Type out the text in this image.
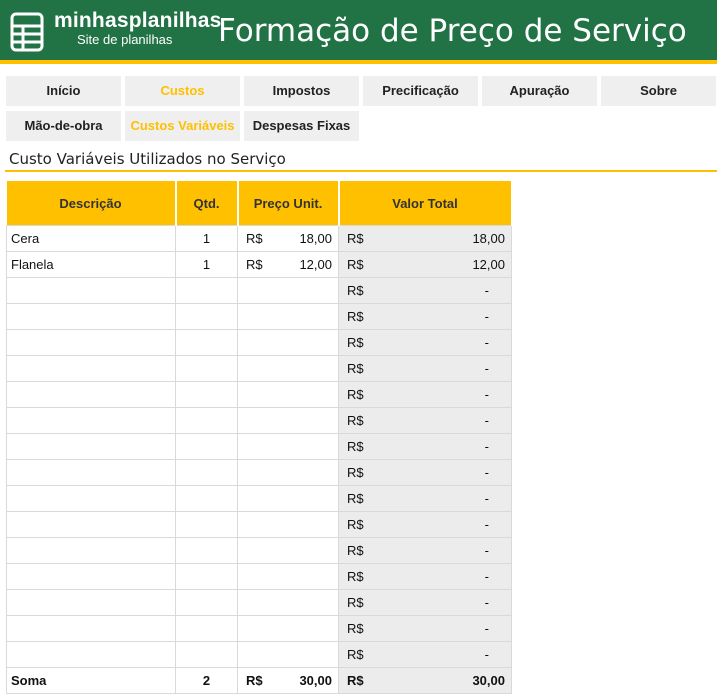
minhasplanilhas
Site de planilhas Formação de Preço de Serviço
Início	Custos	Impostos	Precificação	Apuração	Sobre
Mão-de-obra	Custos Variáveis	Despesas Fixas
Custo Variáveis Utilizados no Serviço
Descrição	Qtd.	Preço Unit.	Valor Total
Cera	1	R$ 18,00	R$ 18,00

Flanela	1	R$ 12,00	R$ 12,00

			R$ -

			R$ -

			R$ -

			R$ -

			R$ -

			R$ -

			R$ -

			R$ -

			R$ -

			R$ -

			R$ -

			R$ -

			R$ -

			R$ -

			R$ -

Soma	2	R$ 30,00	R$ 30,00
